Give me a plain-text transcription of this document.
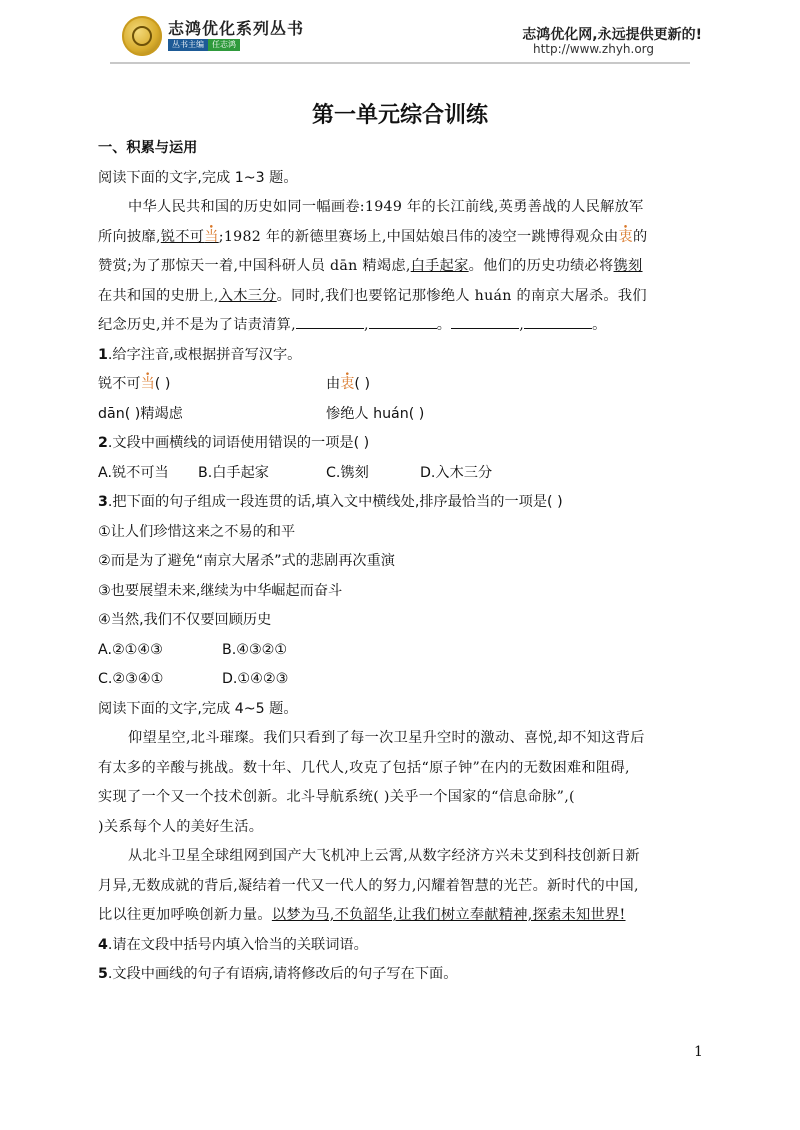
志鸿优化系列丛书
丛书主编	任志鸿
志鸿优化网,永远提供更新的!
http://www.zhyh.org
第一单元综合训练
一、积累与运用
阅读下面的文字,完成 1~3 题。
中华人民共和国的历史如同一幅画卷:1949 年的长江前线,英勇善战的人民解放军
所向披靡,锐不可当;1982 年的新德里赛场上,中国姑娘吕伟的凌空一跳博得观众由衷的
赞赏;为了那惊天一着,中国科研人员 dān 精竭虑,白手起家。他们的历史功绩必将镌刻
在共和国的史册上,入木三分。同时,我们也要铭记那惨绝人 huán 的南京大屠杀。我们
纪念历史,并不是为了诘责清算,	,	。	,	。
1.给字注音,或根据拼音写汉字。
锐不可当( )	由衷( )
dān( )精竭虑	惨绝人 huán( )
2.文段中画横线的词语使用错误的一项是( )
A.锐不可当 B.白手起家	C.镌刻	D.入木三分
3.把下面的句子组成一段连贯的话,填入文中横线处,排序最恰当的一项是( )
①让人们珍惜这来之不易的和平
②而是为了避免“南京大屠杀”式的悲剧再次重演
③也要展望未来,继续为中华崛起而奋斗
④当然,我们不仅要回顾历史
A.②①④③	B.④③②①
C.②③④①	D.①④②③
阅读下面的文字,完成 4~5 题。
仰望星空,北斗璀璨。我们只看到了每一次卫星升空时的激动、喜悦,却不知这背后
有太多的辛酸与挑战。数十年、几代人,攻克了包括“原子钟”在内的无数困难和阻碍,
实现了一个又一个技术创新。北斗导航系统( )关乎一个国家的“信息命脉”,(
)关系每个人的美好生活。
从北斗卫星全球组网到国产大飞机冲上云霄,从数字经济方兴未艾到科技创新日新
月异,无数成就的背后,凝结着一代又一代人的努力,闪耀着智慧的光芒。新时代的中国,
比以往更加呼唤创新力量。以梦为马,不负韶华,让我们树立奉献精神,探索未知世界!
4.请在文段中括号内填入恰当的关联词语。
5.文段中画线的句子有语病,请将修改后的句子写在下面。
1
